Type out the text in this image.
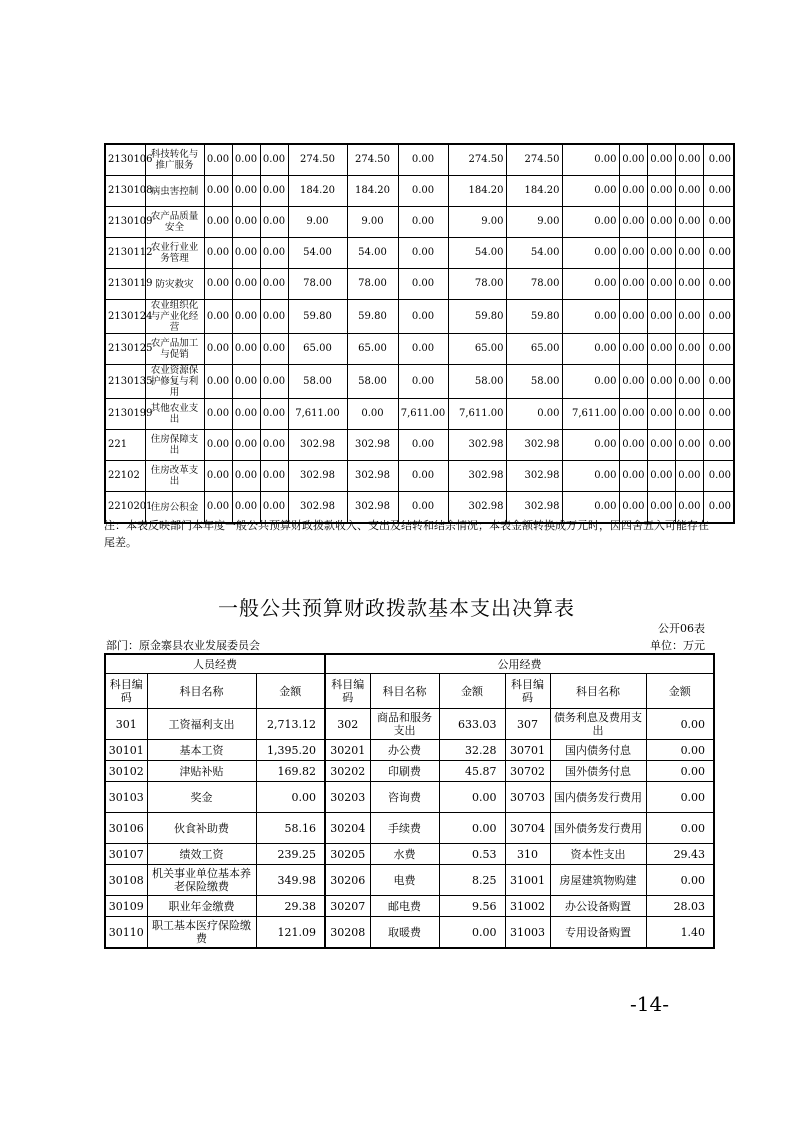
2130106	科技转化与推广服务	0.00	0.00	0.00	274.50	274.50	0.00	274.50	274.50	0.00	0.00	0.00	0.00	0.00
2130108	病虫害控制	0.00	0.00	0.00	184.20	184.20	0.00	184.20	184.20	0.00	0.00	0.00	0.00	0.00
2130109	农产品质量安全	0.00	0.00	0.00	9.00	9.00	0.00	9.00	9.00	0.00	0.00	0.00	0.00	0.00
2130112	农业行业业务管理	0.00	0.00	0.00	54.00	54.00	0.00	54.00	54.00	0.00	0.00	0.00	0.00	0.00
2130119	防灾救灾	0.00	0.00	0.00	78.00	78.00	0.00	78.00	78.00	0.00	0.00	0.00	0.00	0.00
2130124	农业组织化与产业化经营	0.00	0.00	0.00	59.80	59.80	0.00	59.80	59.80	0.00	0.00	0.00	0.00	0.00
2130125	农产品加工与促销	0.00	0.00	0.00	65.00	65.00	0.00	65.00	65.00	0.00	0.00	0.00	0.00	0.00
2130135	农业资源保护修复与利用	0.00	0.00	0.00	58.00	58.00	0.00	58.00	58.00	0.00	0.00	0.00	0.00	0.00
2130199	其他农业支出	0.00	0.00	0.00	7,611.00	0.00	7,611.00	7,611.00	0.00	7,611.00	0.00	0.00	0.00	0.00
221	住房保障支出	0.00	0.00	0.00	302.98	302.98	0.00	302.98	302.98	0.00	0.00	0.00	0.00	0.00
22102	住房改革支出	0.00	0.00	0.00	302.98	302.98	0.00	302.98	302.98	0.00	0.00	0.00	0.00	0.00
2210201	住房公积金	0.00	0.00	0.00	302.98	302.98	0.00	302.98	302.98	0.00	0.00	0.00	0.00	0.00
注：本表反映部门本年度一般公共预算财政拨款收入、支出及结转和结余情况；本表金额转换成万元时，因四舍五入可能存在尾差。
一般公共预算财政拨款基本支出决算表
公开06表
部门：原金寨县农业发展委员会	单位：万元
人员经费			公用经费					
科目编码	科目名称	金额	科目编码	科目名称	金额	科目编码	科目名称	金额
301	工资福利支出	2,713.12	302	商品和服务支出	633.03	307	债务利息及费用支出	0.00
30101	基本工资	1,395.20	30201	办公费	32.28	30701	国内债务付息	0.00
30102	津贴补贴	169.82	30202	印刷费	45.87	30702	国外债务付息	0.00
30103	奖金	0.00	30203	咨询费	0.00	30703	国内债务发行费用	0.00
30106	伙食补助费	58.16	30204	手续费	0.00	30704	国外债务发行费用	0.00
30107	绩效工资	239.25	30205	水费	0.53	310	资本性支出	29.43
30108	机关事业单位基本养老保险缴费	349.98	30206	电费	8.25	31001	房屋建筑物购建	0.00
30109	职业年金缴费	29.38	30207	邮电费	9.56	31002	办公设备购置	28.03
30110	职工基本医疗保险缴费	121.09	30208	取暖费	0.00	31003	专用设备购置	1.40
-14-
